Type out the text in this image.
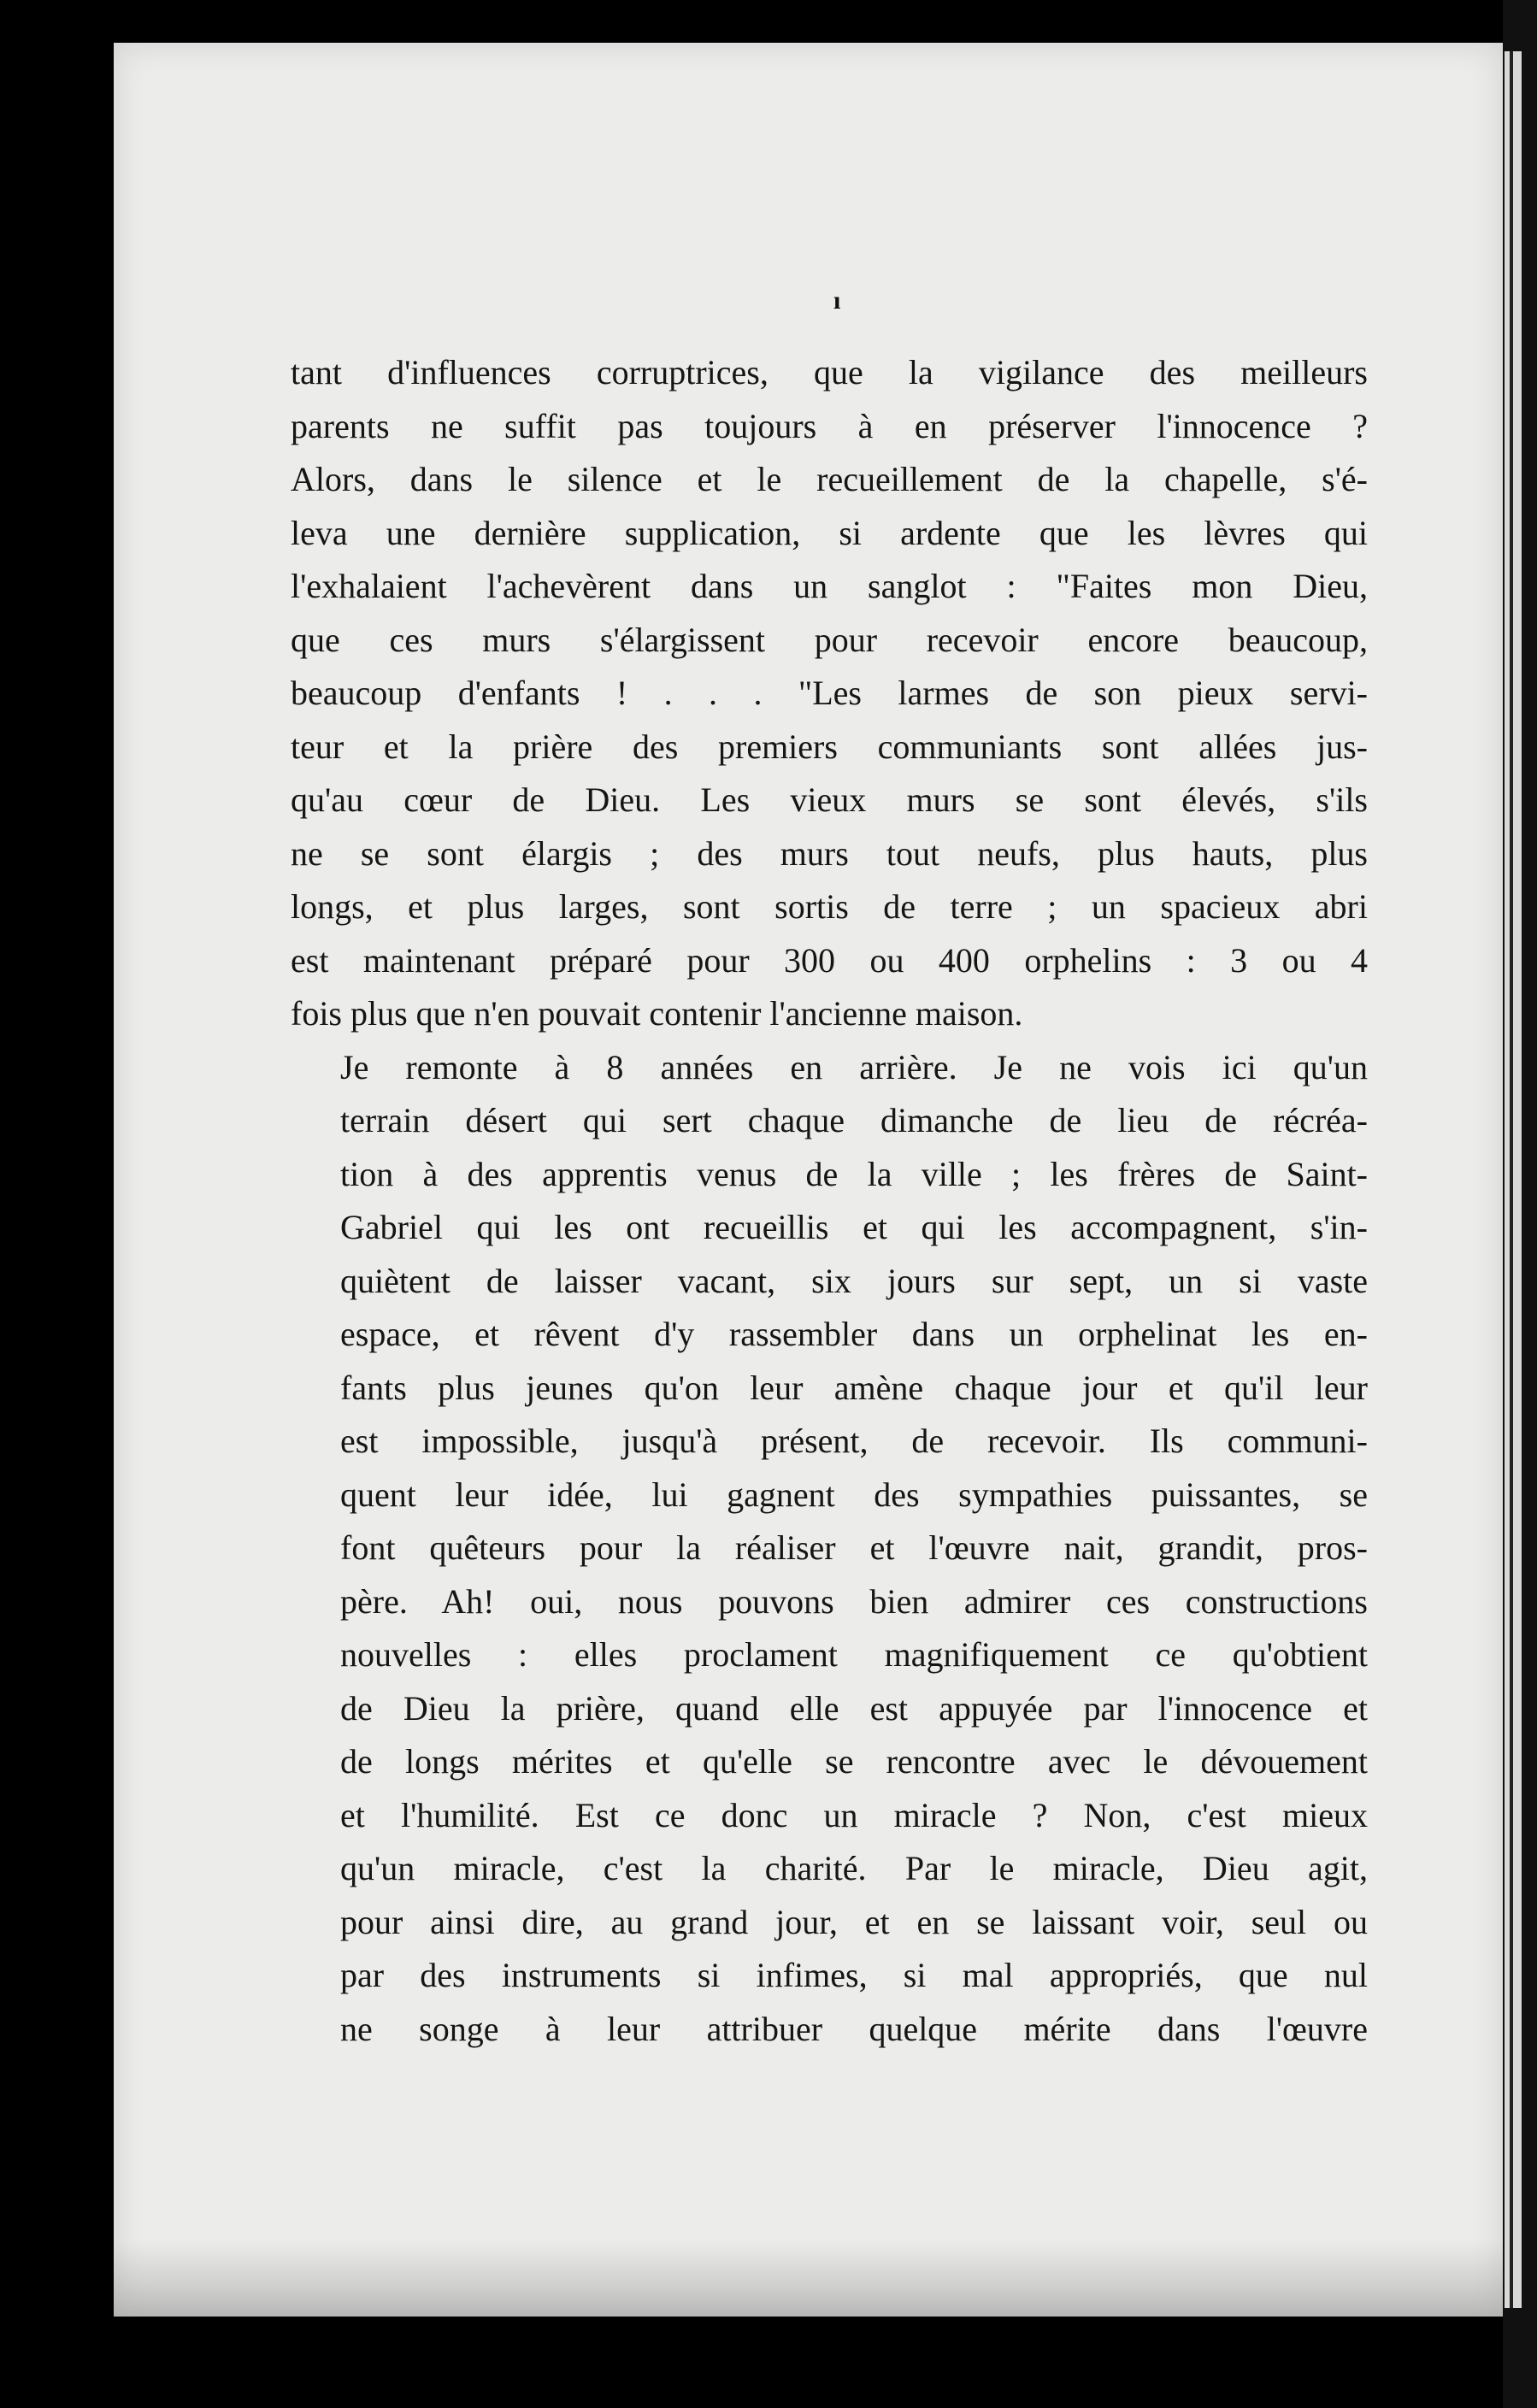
ı
tant d'influences corruptrices, que la vigilance des meilleurs
parents ne suffit pas toujours à en préserver l'innocence ?
Alors, dans le silence et le recueillement de la chapelle, s'é-
leva une dernière supplication, si ardente que les lèvres qui
l'exhalaient l'achevèrent dans un sanglot : "Faites mon Dieu,
que ces murs s'élargissent pour recevoir encore beaucoup,
beaucoup d'enfants ! . . . "Les larmes de son pieux servi-
teur et la prière des premiers communiants sont allées jus-
qu'au cœur de Dieu. Les vieux murs se sont élevés, s'ils
ne se sont élargis ; des murs tout neufs, plus hauts, plus
longs, et plus larges, sont sortis de terre ; un spacieux abri
est maintenant préparé pour 300 ou 400 orphelins : 3 ou 4
fois plus que n'en pouvait contenir l'ancienne maison.
Je remonte à 8 années en arrière. Je ne vois ici qu'un
terrain désert qui sert chaque dimanche de lieu de récréa-
tion à des apprentis venus de la ville ; les frères de Saint-
Gabriel qui les ont recueillis et qui les accompagnent, s'in-
quiètent de laisser vacant, six jours sur sept, un si vaste
espace, et rêvent d'y rassembler dans un orphelinat les en-
fants plus jeunes qu'on leur amène chaque jour et qu'il leur
est impossible, jusqu'à présent, de recevoir. Ils communi-
quent leur idée, lui gagnent des sympathies puissantes, se
font quêteurs pour la réaliser et l'œuvre nait, grandit, pros-
père. Ah! oui, nous pouvons bien admirer ces constructions
nouvelles : elles proclament magnifiquement ce qu'obtient
de Dieu la prière, quand elle est appuyée par l'innocence et
de longs mérites et qu'elle se rencontre avec le dévouement
et l'humilité. Est ce donc un miracle ? Non, c'est mieux
qu'un miracle, c'est la charité. Par le miracle, Dieu agit,
pour ainsi dire, au grand jour, et en se laissant voir, seul ou
par des instruments si infimes, si mal appropriés, que nul
ne songe à leur attribuer quelque mérite dans l'œuvre
